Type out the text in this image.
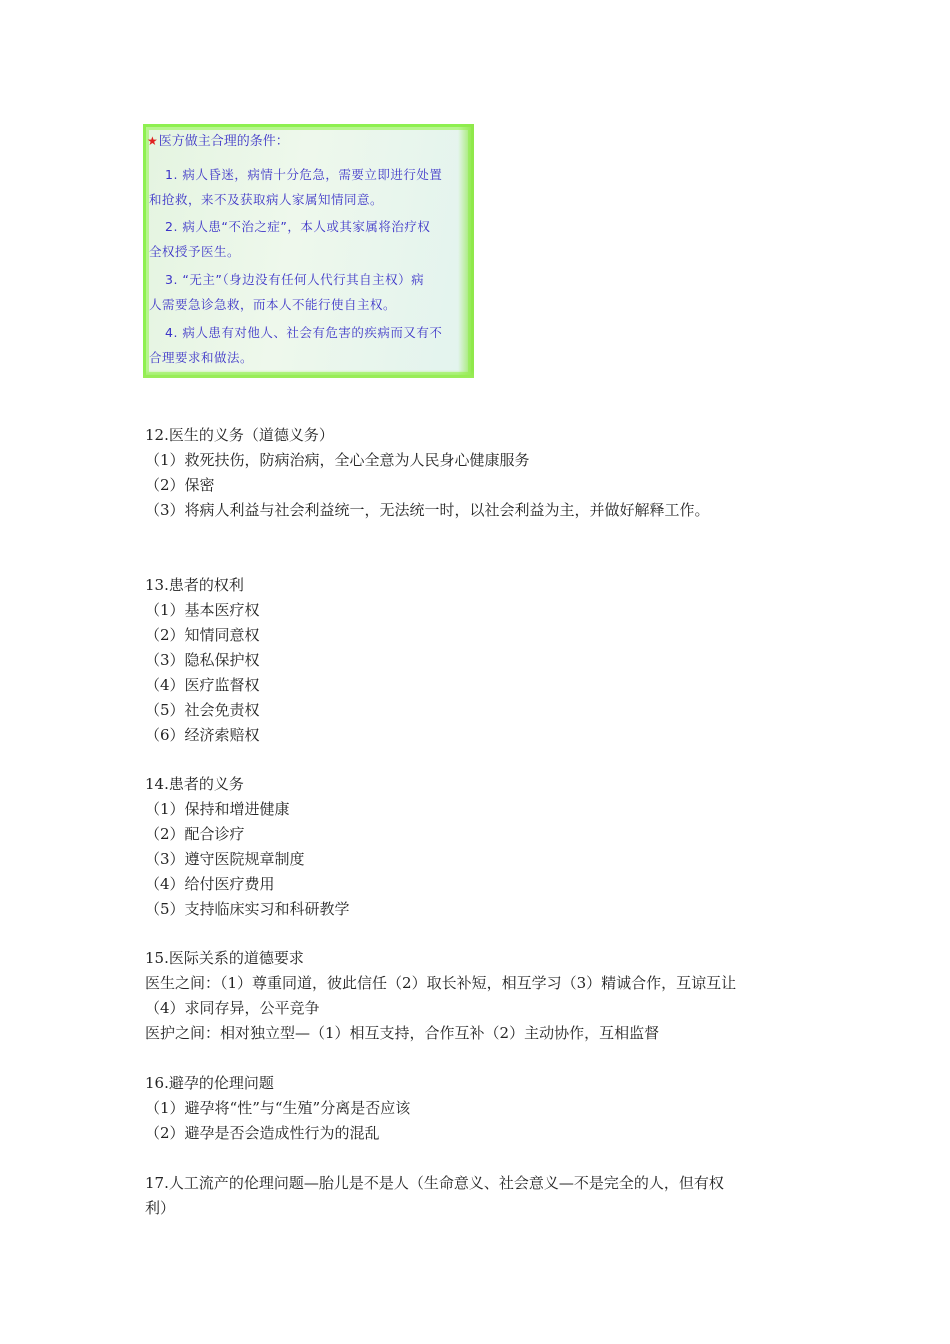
★医方做主合理的条件：
1. 病人昏迷，病情十分危急，需要立即进行处置
和抢救，来不及获取病人家属知情同意。
2. 病人患“不治之症”，本人或其家属将治疗权
全权授予医生。
3. “无主”（身边没有任何人代行其自主权）病
人需要急诊急救，而本人不能行使自主权。
4. 病人患有对他人、社会有危害的疾病而又有不
合理要求和做法。
12.医生的义务（道德义务）
（1）救死扶伤，防病治病，全心全意为人民身心健康服务
（2）保密
（3）将病人利益与社会利益统一，无法统一时，以社会利益为主，并做好解释工作。
13.患者的权利
（1）基本医疗权
（2）知情同意权
（3）隐私保护权
（4）医疗监督权
（5）社会免责权
（6）经济索赔权
14.患者的义务
（1）保持和增进健康
（2）配合诊疗
（3）遵守医院规章制度
（4）给付医疗费用
（5）支持临床实习和科研教学
15.医际关系的道德要求
医生之间：（1）尊重同道，彼此信任（2）取长补短，相互学习（3）精诚合作，互谅互让
（4）求同存异，公平竞争
医护之间：相对独立型—（1）相互支持，合作互补（2）主动协作，互相监督
16.避孕的伦理问题
（1）避孕将“性”与“生殖”分离是否应该
（2）避孕是否会造成性行为的混乱
17.人工流产的伦理问题—胎儿是不是人（生命意义、社会意义—不是完全的人，但有权
利）
